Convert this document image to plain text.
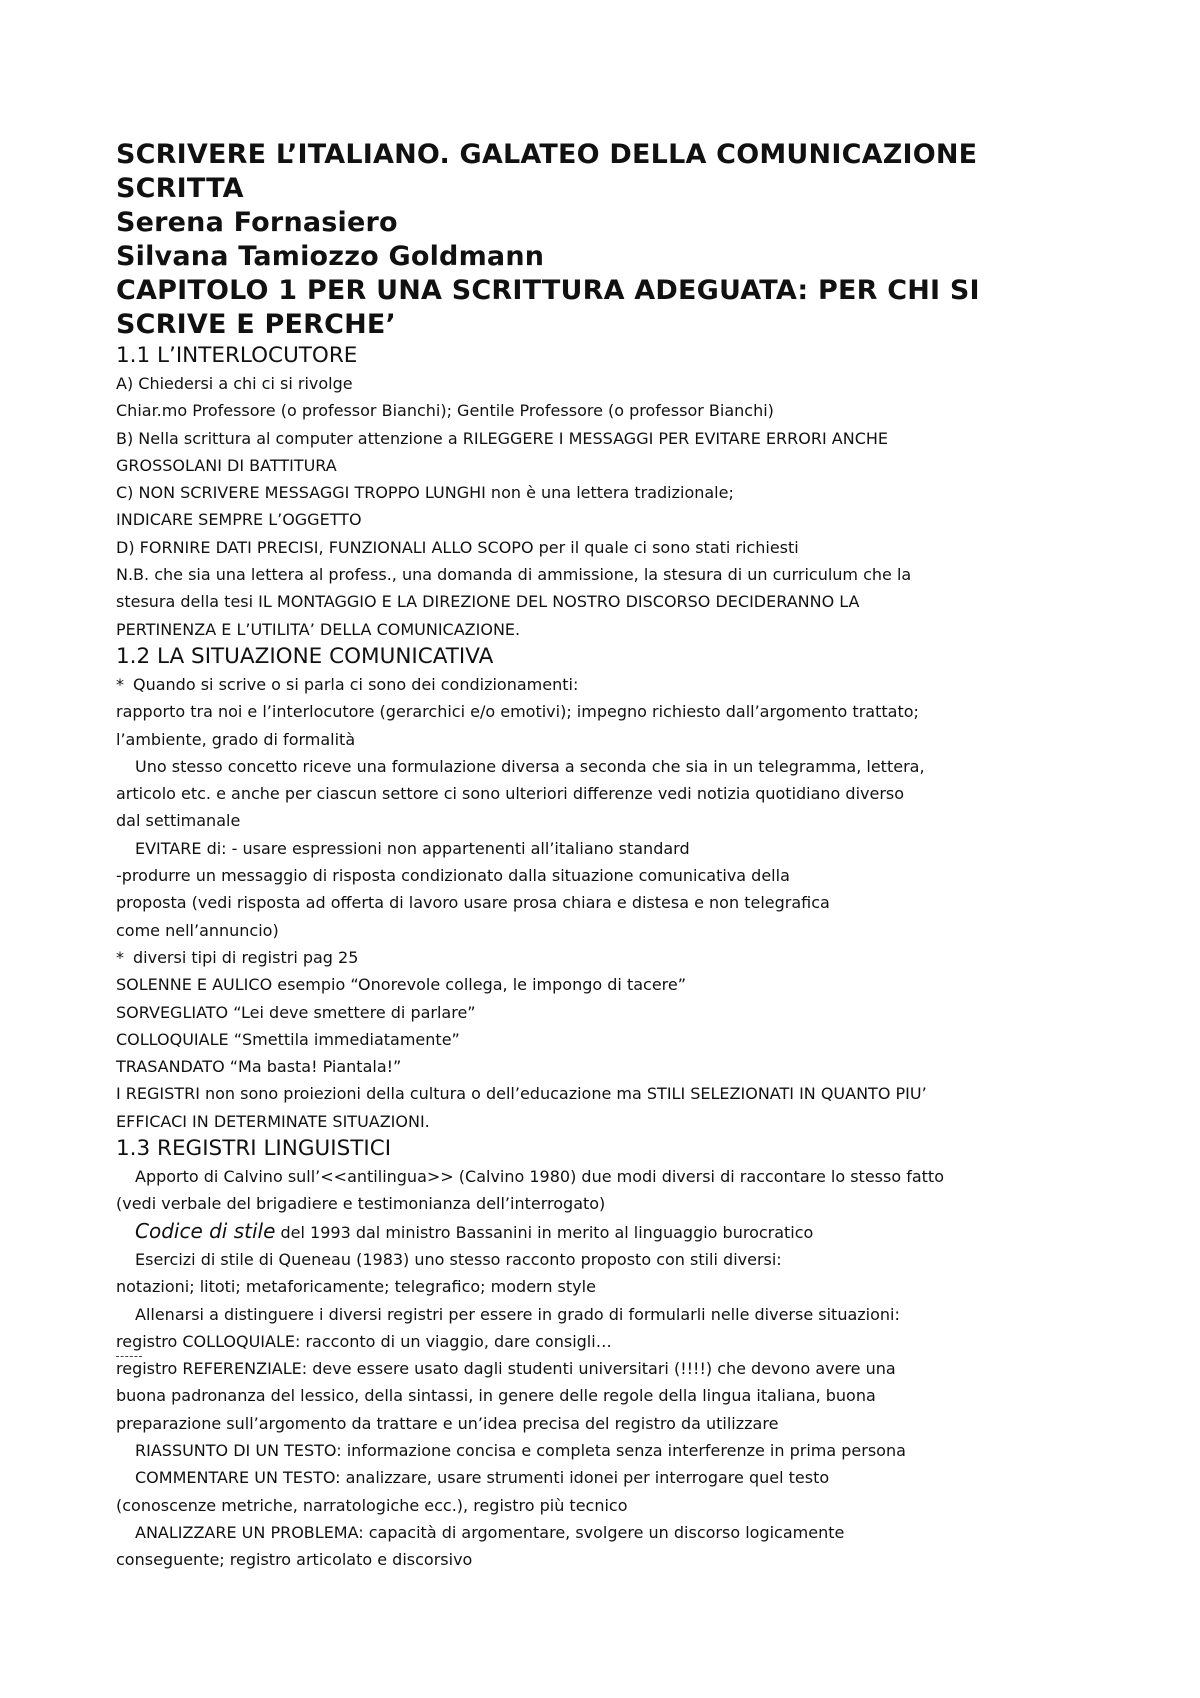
SCRIVERE L’ITALIANO. GALATEO DELLA COMUNICAZIONE
SCRITTA
Serena Fornasiero
Silvana Tamiozzo Goldmann
CAPITOLO 1 PER UNA SCRITTURA ADEGUATA: PER CHI SI
SCRIVE E PERCHE’
1.1 L’INTERLOCUTORE

A) Chiedersi a chi ci si rivolge

Chiar.mo Professore (o professor Bianchi); Gentile Professore (o professor Bianchi)

B) Nella scrittura al computer attenzione a RILEGGERE I MESSAGGI PER EVITARE ERRORI ANCHE

GROSSOLANI DI BATTITURA

C) NON SCRIVERE MESSAGGI TROPPO LUNGHI non è una lettera tradizionale;

INDICARE SEMPRE L’OGGETTO

D) FORNIRE DATI PRECISI, FUNZIONALI ALLO SCOPO per il quale ci sono stati richiesti

N.B. che sia una lettera al profess., una domanda di ammissione, la stesura di un curriculum che la

stesura della tesi IL MONTAGGIO E LA DIREZIONE DEL NOSTRO DISCORSO DECIDERANNO LA

PERTINENZA E L’UTILITA’ DELLA COMUNICAZIONE.

1.2 LA SITUAZIONE COMUNICATIVA

* Quando si scrive o si parla ci sono dei condizionamenti:

rapporto tra noi e l’interlocutore (gerarchici e/o emotivi); impegno richiesto dall’argomento trattato;

l’ambiente, grado di formalità

Uno stesso concetto riceve una formulazione diversa a seconda che sia in un telegramma, lettera,

articolo etc. e anche per ciascun settore ci sono ulteriori differenze vedi notizia quotidiano diverso

dal settimanale

EVITARE di: - usare espressioni non appartenenti all’italiano standard

-produrre un messaggio di risposta condizionato dalla situazione comunicativa della

proposta (vedi risposta ad offerta di lavoro usare prosa chiara e distesa e non telegrafica

come nell’annuncio)

* diversi tipi di registri pag 25

SOLENNE E AULICO esempio “Onorevole collega, le impongo di tacere”

SORVEGLIATO “Lei deve smettere di parlare”

COLLOQUIALE “Smettila immediatamente”

TRASANDATO “Ma basta! Piantala!”

I REGISTRI non sono proiezioni della cultura o dell’educazione ma STILI SELEZIONATI IN QUANTO PIU’

EFFICACI IN DETERMINATE SITUAZIONI.

1.3 REGISTRI LINGUISTICI

Apporto di Calvino sull’<<antilingua>> (Calvino 1980) due modi diversi di raccontare lo stesso fatto

(vedi verbale del brigadiere e testimonianza dell’interrogato)

Codice di stile del 1993 dal ministro Bassanini in merito al linguaggio burocratico

Esercizi di stile di Queneau (1983) uno stesso racconto proposto con stili diversi:

notazioni; litoti; metaforicamente; telegrafico; modern style

Allenarsi a distinguere i diversi registri per essere in grado di formularli nelle diverse situazioni:

registro COLLOQUIALE: racconto di un viaggio, dare consigli…

registro REFERENZIALE: deve essere usato dagli studenti universitari (!!!!) che devono avere una

buona padronanza del lessico, della sintassi, in genere delle regole della lingua italiana, buona

preparazione sull’argomento da trattare e un’idea precisa del registro da utilizzare

RIASSUNTO DI UN TESTO: informazione concisa e completa senza interferenze in prima persona

COMMENTARE UN TESTO: analizzare, usare strumenti idonei per interrogare quel testo

(conoscenze metriche, narratologiche ecc.), registro più tecnico

ANALIZZARE UN PROBLEMA: capacità di argomentare, svolgere un discorso logicamente

conseguente; registro articolato e discorsivo
